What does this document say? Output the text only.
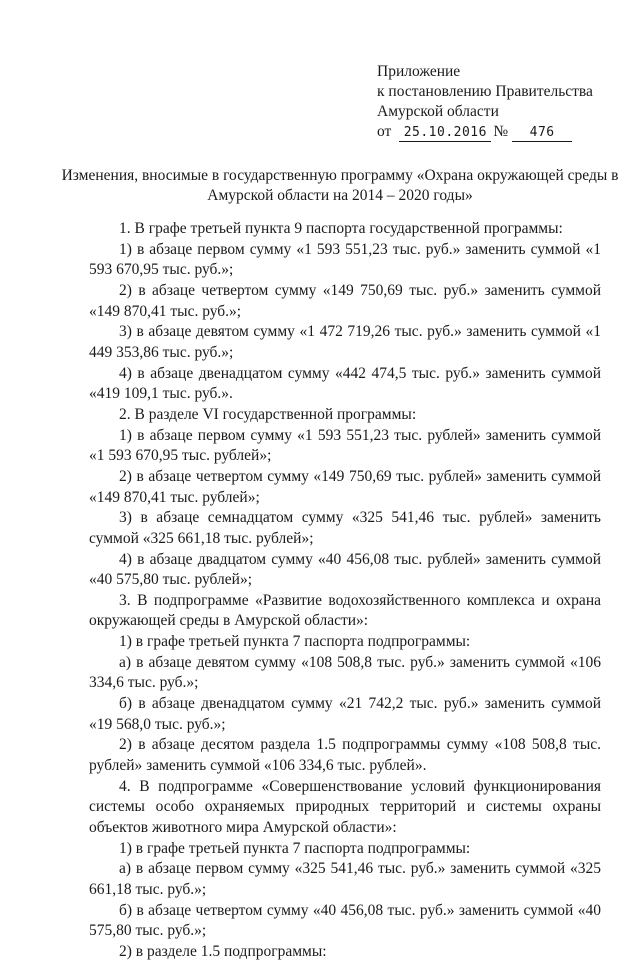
Приложение
к постановлению Правительства
Амурской области
от 25.10.2016 №	476
Изменения, вносимые в государственную программу «Охрана окружающей среды в Амурской области на 2014 – 2020 годы»

1. В графе третьей пункта 9 паспорта государственной программы:

1) в абзаце первом сумму «1 593 551,23 тыс. руб.» заменить суммой «1 593 670,95 тыс. руб.»;

2) в абзаце четвертом сумму «149 750,69 тыс. руб.» заменить суммой «149 870,41 тыс. руб.»;

3) в абзаце девятом сумму «1 472 719,26 тыс. руб.» заменить суммой «1 449 353,86 тыс. руб.»;

4) в абзаце двенадцатом сумму «442 474,5 тыс. руб.» заменить суммой «419 109,1 тыс. руб.».

2. В разделе VI государственной программы:

1) в абзаце первом сумму «1 593 551,23 тыс. рублей» заменить суммой «1 593 670,95 тыс. рублей»;

2) в абзаце четвертом сумму «149 750,69 тыс. рублей» заменить суммой «149 870,41 тыс. рублей»;

3) в абзаце семнадцатом сумму «325 541,46 тыс. рублей» заменить суммой «325 661,18 тыс. рублей»;

4) в абзаце двадцатом сумму «40 456,08 тыс. рублей» заменить суммой «40 575,80 тыс. рублей»;

3. В подпрограмме «Развитие водохозяйственного комплекса и охрана окружающей среды в Амурской области»:

1) в графе третьей пункта 7 паспорта подпрограммы:

а) в абзаце девятом сумму «108 508,8 тыс. руб.» заменить суммой «106 334,6 тыс. руб.»;

б) в абзаце двенадцатом сумму «21 742,2 тыс. руб.» заменить суммой «19 568,0 тыс. руб.»;

2) в абзаце десятом раздела 1.5 подпрограммы сумму «108 508,8 тыс. рублей» заменить суммой «106 334,6 тыс. рублей».

4. В подпрограмме «Совершенствование условий функционирования системы особо охраняемых природных территорий и системы охраны объектов животного мира Амурской области»:

1) в графе третьей пункта 7 паспорта подпрограммы:

а) в абзаце первом сумму «325 541,46 тыс. руб.» заменить суммой «325 661,18 тыс. руб.»;

б) в абзаце четвертом сумму «40 456,08 тыс. руб.» заменить суммой «40 575,80 тыс. руб.»;

2) в разделе 1.5 подпрограммы:
